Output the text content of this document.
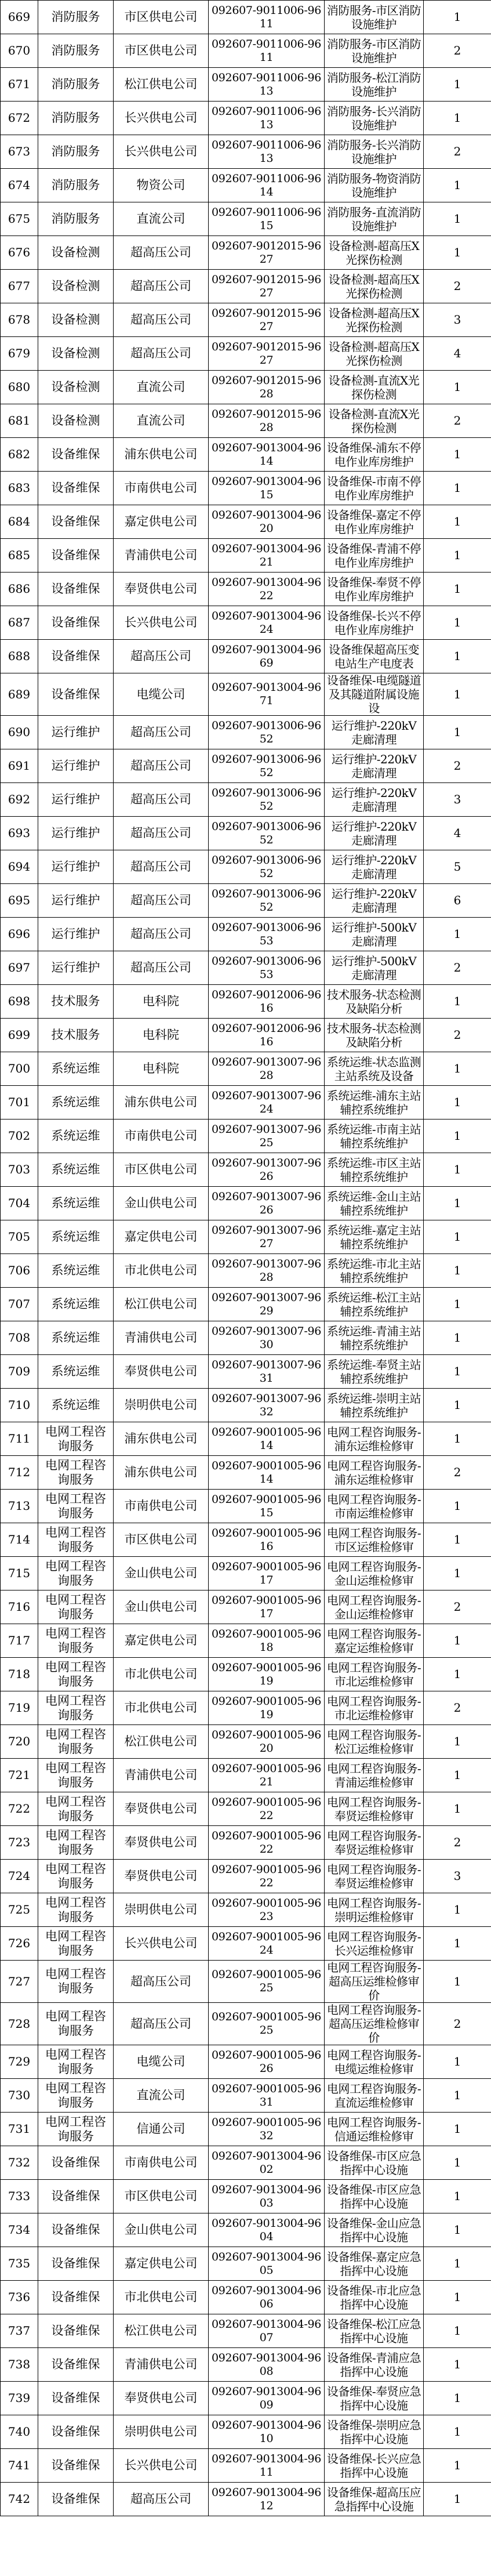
669	消防服务	市区供电公司	092607-9011006-9611	消防服务-市区消防设施维护	1
670	消防服务	市区供电公司	092607-9011006-9611	消防服务-市区消防设施维护	2
671	消防服务	松江供电公司	092607-9011006-9613	消防服务-松江消防设施维护	1
672	消防服务	长兴供电公司	092607-9011006-9613	消防服务-长兴消防设施维护	1
673	消防服务	长兴供电公司	092607-9011006-9613	消防服务-长兴消防设施维护	2
674	消防服务	物资公司	092607-9011006-9614	消防服务-物资消防设施维护	1
675	消防服务	直流公司	092607-9011006-9615	消防服务-直流消防设施维护	1
676	设备检测	超高压公司	092607-9012015-9627	设备检测-超高压X光探伤检测	1
677	设备检测	超高压公司	092607-9012015-9627	设备检测-超高压X光探伤检测	2
678	设备检测	超高压公司	092607-9012015-9627	设备检测-超高压X光探伤检测	3
679	设备检测	超高压公司	092607-9012015-9627	设备检测-超高压X光探伤检测	4
680	设备检测	直流公司	092607-9012015-9628	设备检测-直流X光探伤检测	1
681	设备检测	直流公司	092607-9012015-9628	设备检测-直流X光探伤检测	2
682	设备维保	浦东供电公司	092607-9013004-9614	设备维保-浦东不停电作业库房维护	1
683	设备维保	市南供电公司	092607-9013004-9615	设备维保-市南不停电作业库房维护	1
684	设备维保	嘉定供电公司	092607-9013004-9620	设备维保-嘉定不停电作业库房维护	1
685	设备维保	青浦供电公司	092607-9013004-9621	设备维保-青浦不停电作业库房维护	1
686	设备维保	奉贤供电公司	092607-9013004-9622	设备维保-奉贤不停电作业库房维护	1
687	设备维保	长兴供电公司	092607-9013004-9624	设备维保-长兴不停电作业库房维护	1
688	设备维保	超高压公司	092607-9013004-9669	设备维保超高压变电站生产电度表	1
689	设备维保	电缆公司	092607-9013004-9671	设备维保-电缆隧道及其隧道附属设施设	1
690	运行维护	超高压公司	092607-9013006-9652	运行维护-220kV走廊清理	1
691	运行维护	超高压公司	092607-9013006-9652	运行维护-220kV走廊清理	2
692	运行维护	超高压公司	092607-9013006-9652	运行维护-220kV走廊清理	3
693	运行维护	超高压公司	092607-9013006-9652	运行维护-220kV走廊清理	4
694	运行维护	超高压公司	092607-9013006-9652	运行维护-220kV走廊清理	5
695	运行维护	超高压公司	092607-9013006-9652	运行维护-220kV走廊清理	6
696	运行维护	超高压公司	092607-9013006-9653	运行维护-500kV走廊清理	1
697	运行维护	超高压公司	092607-9013006-9653	运行维护-500kV走廊清理	2
698	技术服务	电科院	092607-9012006-9616	技术服务-状态检测及缺陷分析	1
699	技术服务	电科院	092607-9012006-9616	技术服务-状态检测及缺陷分析	2
700	系统运维	电科院	092607-9013007-9628	系统运维-状态监测主站系统及设备	1
701	系统运维	浦东供电公司	092607-9013007-9624	系统运维-浦东主站辅控系统维护	1
702	系统运维	市南供电公司	092607-9013007-9625	系统运维-市南主站辅控系统维护	1
703	系统运维	市区供电公司	092607-9013007-9626	系统运维-市区主站辅控系统维护	1
704	系统运维	金山供电公司	092607-9013007-9626	系统运维-金山主站辅控系统维护	1
705	系统运维	嘉定供电公司	092607-9013007-9627	系统运维-嘉定主站辅控系统维护	1
706	系统运维	市北供电公司	092607-9013007-9628	系统运维-市北主站辅控系统维护	1
707	系统运维	松江供电公司	092607-9013007-9629	系统运维-松江主站辅控系统维护	1
708	系统运维	青浦供电公司	092607-9013007-9630	系统运维-青浦主站辅控系统维护	1
709	系统运维	奉贤供电公司	092607-9013007-9631	系统运维-奉贤主站辅控系统维护	1
710	系统运维	崇明供电公司	092607-9013007-9632	系统运维-崇明主站辅控系统维护	1
711	电网工程咨询服务	浦东供电公司	092607-9001005-9614	电网工程咨询服务-浦东运维检修审	1
712	电网工程咨询服务	浦东供电公司	092607-9001005-9614	电网工程咨询服务-浦东运维检修审	2
713	电网工程咨询服务	市南供电公司	092607-9001005-9615	电网工程咨询服务-市南运维检修审	1
714	电网工程咨询服务	市区供电公司	092607-9001005-9616	电网工程咨询服务-市区运维检修审	1
715	电网工程咨询服务	金山供电公司	092607-9001005-9617	电网工程咨询服务-金山运维检修审	1
716	电网工程咨询服务	金山供电公司	092607-9001005-9617	电网工程咨询服务-金山运维检修审	2
717	电网工程咨询服务	嘉定供电公司	092607-9001005-9618	电网工程咨询服务-嘉定运维检修审	1
718	电网工程咨询服务	市北供电公司	092607-9001005-9619	电网工程咨询服务-市北运维检修审	1
719	电网工程咨询服务	市北供电公司	092607-9001005-9619	电网工程咨询服务-市北运维检修审	2
720	电网工程咨询服务	松江供电公司	092607-9001005-9620	电网工程咨询服务-松江运维检修审	1
721	电网工程咨询服务	青浦供电公司	092607-9001005-9621	电网工程咨询服务-青浦运维检修审	1
722	电网工程咨询服务	奉贤供电公司	092607-9001005-9622	电网工程咨询服务-奉贤运维检修审	1
723	电网工程咨询服务	奉贤供电公司	092607-9001005-9622	电网工程咨询服务-奉贤运维检修审	2
724	电网工程咨询服务	奉贤供电公司	092607-9001005-9622	电网工程咨询服务-奉贤运维检修审	3
725	电网工程咨询服务	崇明供电公司	092607-9001005-9623	电网工程咨询服务-崇明运维检修审	1
726	电网工程咨询服务	长兴供电公司	092607-9001005-9624	电网工程咨询服务-长兴运维检修审	1
727	电网工程咨询服务	超高压公司	092607-9001005-9625	电网工程咨询服务-超高压运维检修审价	1
728	电网工程咨询服务	超高压公司	092607-9001005-9625	电网工程咨询服务-超高压运维检修审价	2
729	电网工程咨询服务	电缆公司	092607-9001005-9626	电网工程咨询服务-电缆运维检修审	1
730	电网工程咨询服务	直流公司	092607-9001005-9631	电网工程咨询服务-直流运维检修审	1
731	电网工程咨询服务	信通公司	092607-9001005-9632	电网工程咨询服务-信通运维检修审	1
732	设备维保	市南供电公司	092607-9013004-9602	设备维保-市区应急指挥中心设施	1
733	设备维保	市区供电公司	092607-9013004-9603	设备维保-市区应急指挥中心设施	1
734	设备维保	金山供电公司	092607-9013004-9604	设备维保-金山应急指挥中心设施	1
735	设备维保	嘉定供电公司	092607-9013004-9605	设备维保-嘉定应急指挥中心设施	1
736	设备维保	市北供电公司	092607-9013004-9606	设备维保-市北应急指挥中心设施	1
737	设备维保	松江供电公司	092607-9013004-9607	设备维保-松江应急指挥中心设施	1
738	设备维保	青浦供电公司	092607-9013004-9608	设备维保-青浦应急指挥中心设施	1
739	设备维保	奉贤供电公司	092607-9013004-9609	设备维保-奉贤应急指挥中心设施	1
740	设备维保	崇明供电公司	092607-9013004-9610	设备维保-崇明应急指挥中心设施	1
741	设备维保	长兴供电公司	092607-9013004-9611	设备维保-长兴应急指挥中心设施	1
742	设备维保	超高压公司	092607-9013004-9612	设备维保-超高压应急指挥中心设施	1
